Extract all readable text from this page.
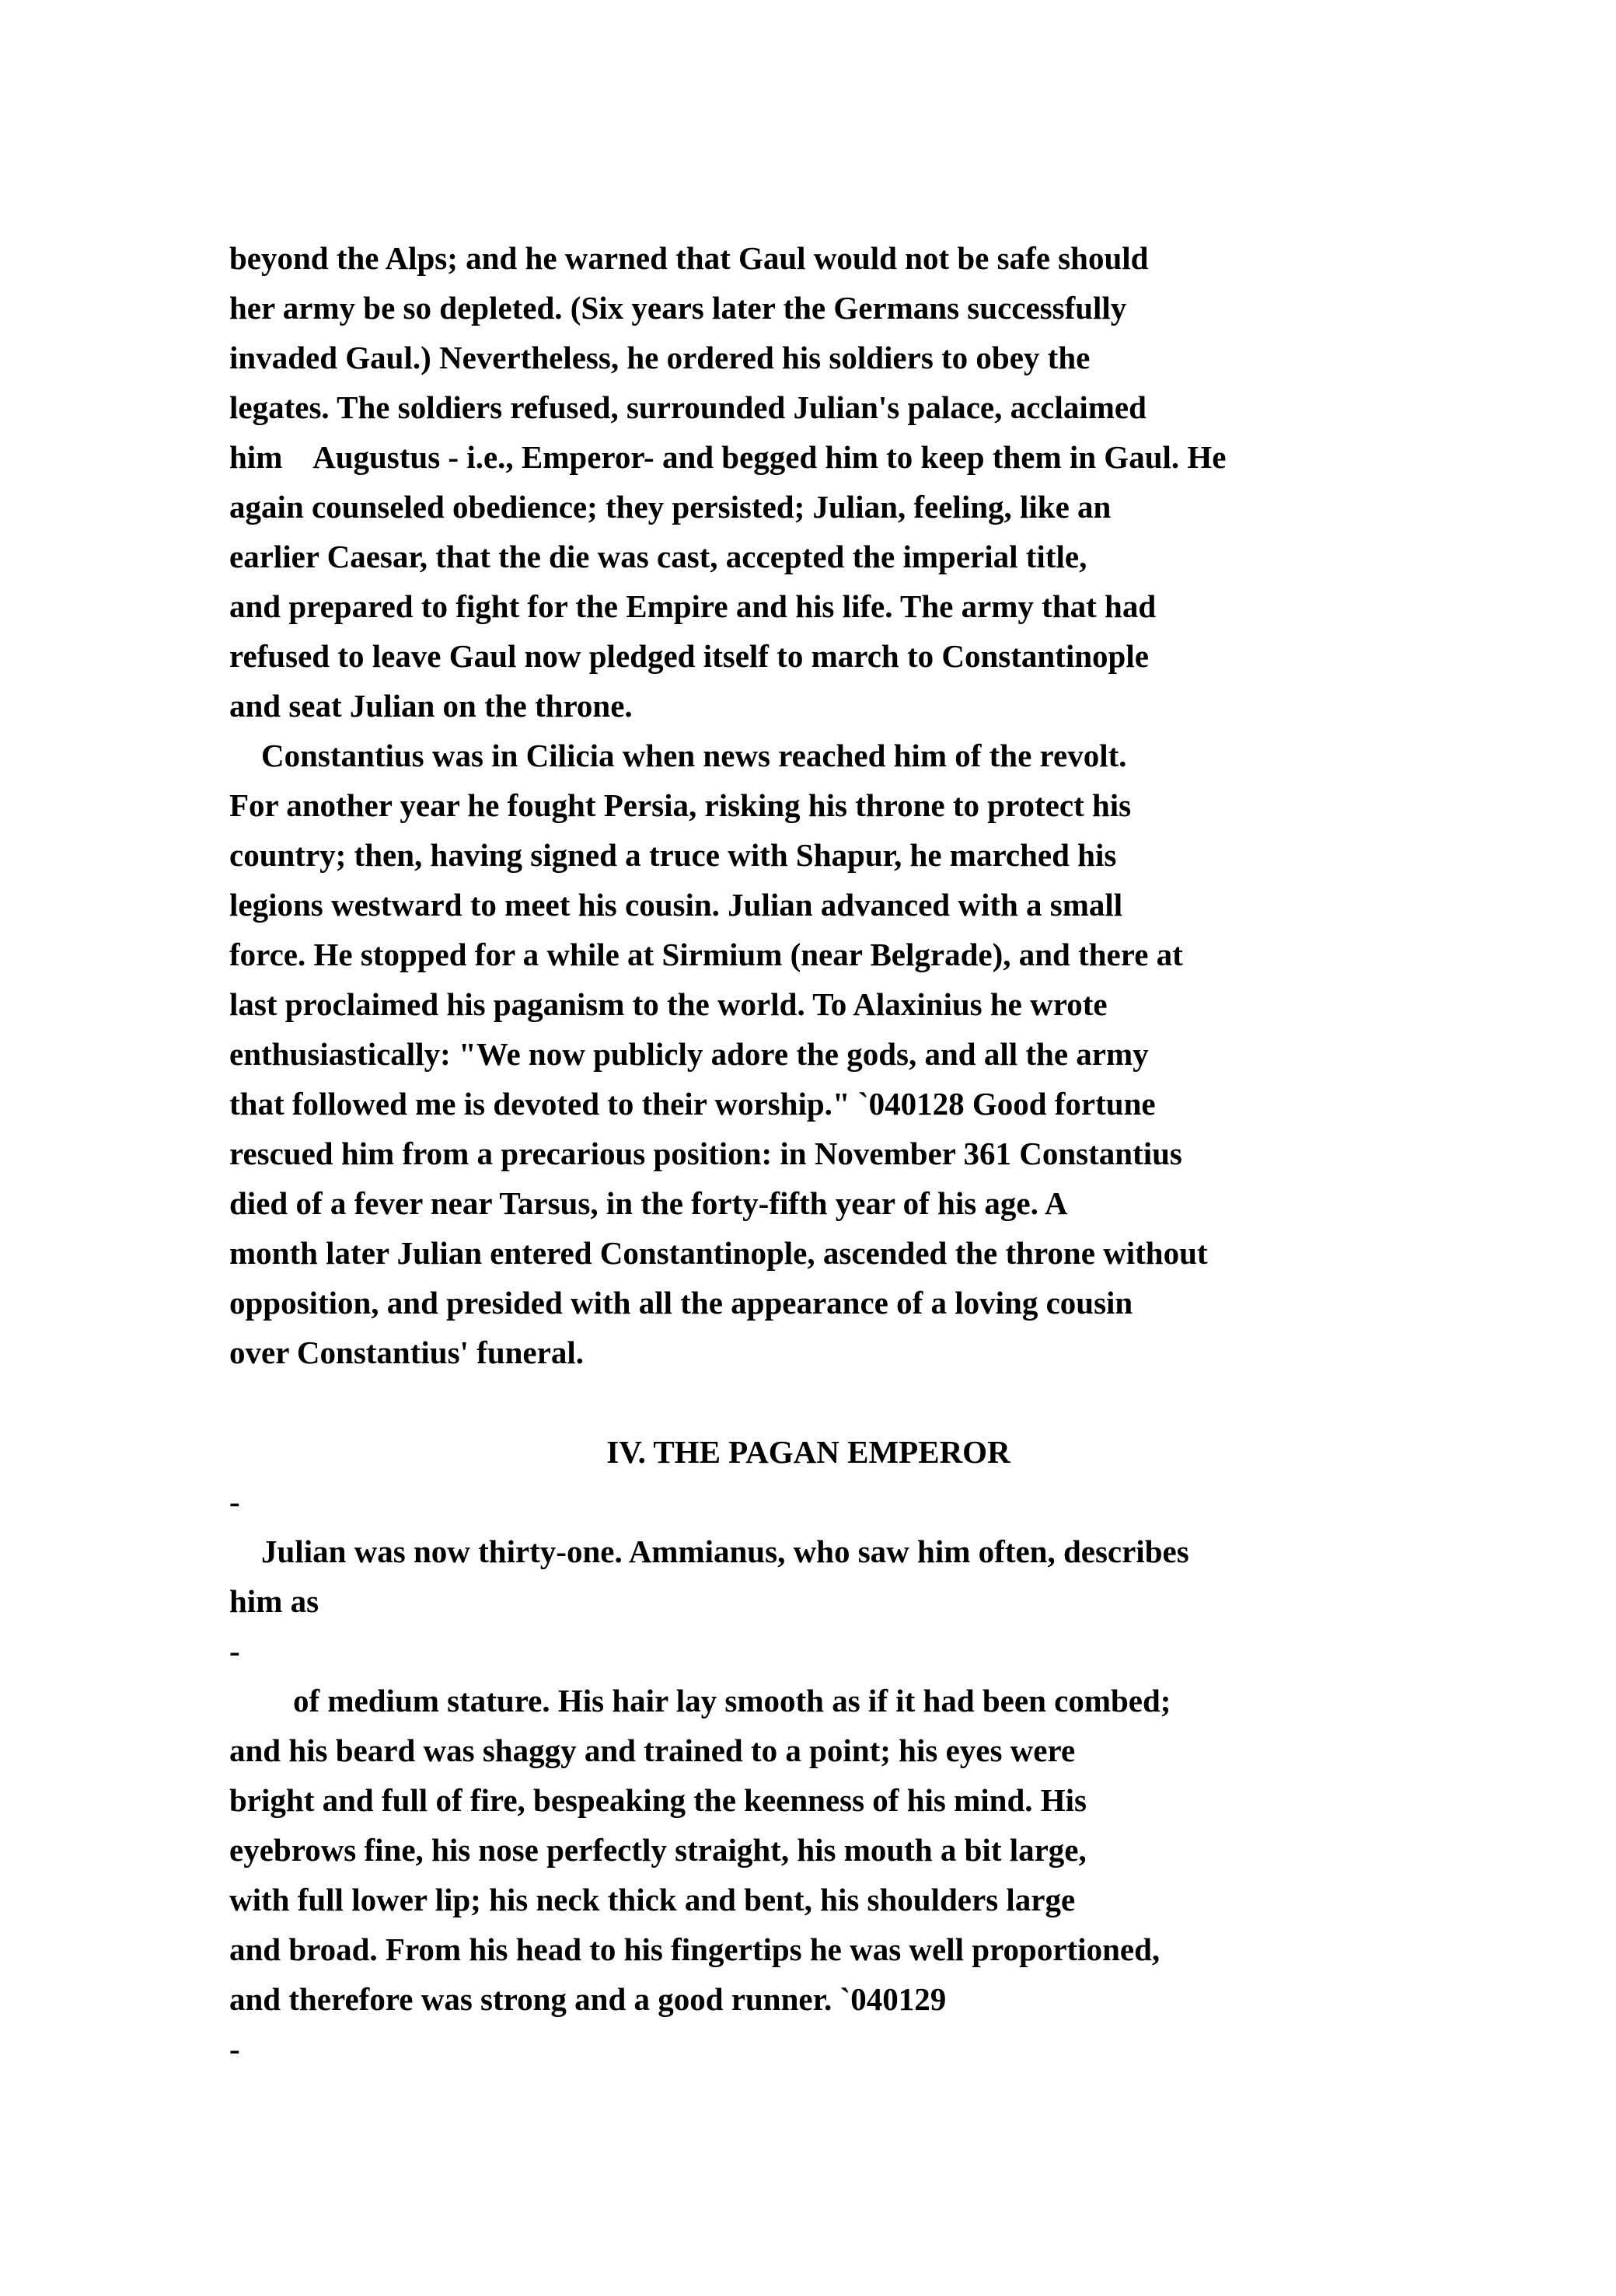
beyond the Alps; and he warned that Gaul would not be safe should
her army be so depleted. (Six years later the Germans successfully
invaded Gaul.) Nevertheless, he ordered his soldiers to obey the
legates. The soldiers refused, surrounded Julian's palace, acclaimed
him    Augustus - i.e., Emperor- and begged him to keep them in Gaul. He
again counseled obedience; they persisted; Julian, feeling, like an
earlier Caesar, that the die was cast, accepted the imperial title,
and prepared to fight for the Empire and his life. The army that had
refused to leave Gaul now pledged itself to march to Constantinople
and seat Julian on the throne.
Constantius was in Cilicia when news reached him of the revolt.
For another year he fought Persia, risking his throne to protect his
country; then, having signed a truce with Shapur, he marched his
legions westward to meet his cousin. Julian advanced with a small
force. He stopped for a while at Sirmium (near Belgrade), and there at
last proclaimed his paganism to the world. To Alaxinius he wrote
enthusiastically: "We now publicly adore the gods, and all the army
that followed me is devoted to their worship." `040128 Good fortune
rescued him from a precarious position: in November 361 Constantius
died of a fever near Tarsus, in the forty-fifth year of his age. A
month later Julian entered Constantinople, ascended the throne without
opposition, and presided with all the appearance of a loving cousin
over Constantius' funeral.
IV. THE PAGAN EMPEROR
-
Julian was now thirty-one. Ammianus, who saw him often, describes
him as
-
of medium stature. His hair lay smooth as if it had been combed;
and his beard was shaggy and trained to a point; his eyes were
bright and full of fire, bespeaking the keenness of his mind. His
eyebrows fine, his nose perfectly straight, his mouth a bit large,
with full lower lip; his neck thick and bent, his shoulders large
and broad. From his head to his fingertips he was well proportioned,
and therefore was strong and a good runner. `040129
-
